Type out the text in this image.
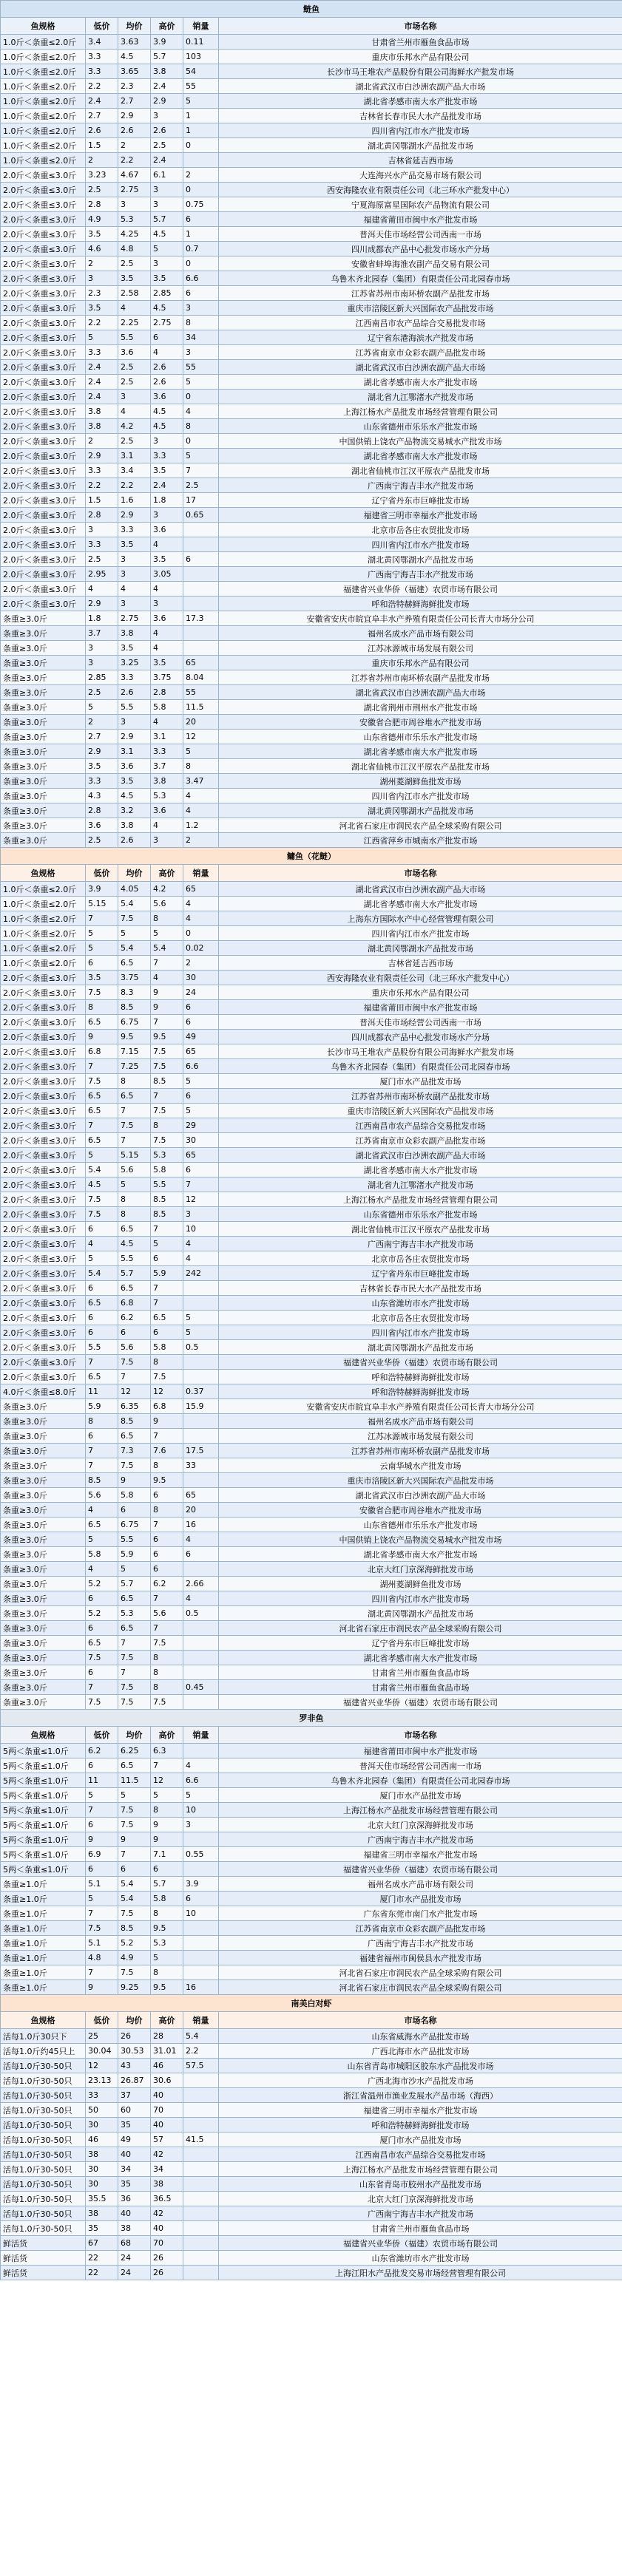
鲢鱼					
鱼规格	低价	均价	高价	销量	市场名称
1.0斤＜条重≤2.0斤	3.4	3.63	3.9	0.11	甘肃省兰州市雁鱼食品市场
1.0斤＜条重≤2.0斤	3.3	4.5	5.7	103	重庆市乐邦水产品有限公司
1.0斤＜条重≤2.0斤	3.3	3.65	3.8	54	长沙市马王堆农产品股份有限公司海鲜水产批发市场
1.0斤＜条重≤2.0斤	2.2	2.3	2.4	55	湖北省武汉市白沙洲农副产品大市场
1.0斤＜条重≤2.0斤	2.4	2.7	2.9	5	湖北省孝感市南大水产批发市场
1.0斤＜条重≤2.0斤	2.7	2.9	3	1	吉林省长春市民大水产品批发市场
1.0斤＜条重≤2.0斤	2.6	2.6	2.6	1	四川省内江市水产批发市场
1.0斤＜条重≤2.0斤	1.5	2	2.5	0	湖北黄冈鄂湖水产品批发市场
1.0斤＜条重≤2.0斤	2	2.2	2.4		吉林省延吉西市场
2.0斤＜条重≤3.0斤	3.23	4.67	6.1	2	大连海兴水产品交易市场有限公司
2.0斤＜条重≤3.0斤	2.5	2.75	3	0	西安海隆农业有限责任公司（北三环水产批发中心）
2.0斤＜条重≤3.0斤	2.8	3	3	0.75	宁夏海原富星国际农产品物流有限公司
2.0斤＜条重≤3.0斤	4.9	5.3	5.7	6	福建省莆田市闽中水产批发市场
2.0斤＜条重≤3.0斤	3.5	4.25	4.5	1	普洱天佳市场经营公司西南一市场
2.0斤＜条重≤3.0斤	4.6	4.8	5	0.7	四川成都农产品中心批发市场水产分场
2.0斤＜条重≤3.0斤	2	2.5	3	0	安徽省蚌埠海淮农副产品交易有限公司
2.0斤＜条重≤3.0斤	3	3.5	3.5	6.6	乌鲁木齐北园春（集团）有限责任公司北园春市场
2.0斤＜条重≤3.0斤	2.3	2.58	2.85	6	江苏省苏州市南环桥农副产品批发市场
2.0斤＜条重≤3.0斤	3.5	4	4.5	3	重庆市涪陵区新大兴国际农产品批发市场
2.0斤＜条重≤3.0斤	2.2	2.25	2.75	8	江西南昌市农产品综合交易批发市场
2.0斤＜条重≤3.0斤	5	5.5	6	34	辽宁省东港海滨水产批发市场
2.0斤＜条重≤3.0斤	3.3	3.6	4	3	江苏省南京市众彩农副产品批发市场
2.0斤＜条重≤3.0斤	2.4	2.5	2.6	55	湖北省武汉市白沙洲农副产品大市场
2.0斤＜条重≤3.0斤	2.4	2.5	2.6	5	湖北省孝感市南大水产批发市场
2.0斤＜条重≤3.0斤	2.4	3	3.6	0	湖北省九江鄂渚水产批发市场
2.0斤＜条重≤3.0斤	3.8	4	4.5	4	上海江杨水产品批发市场经营管理有限公司
2.0斤＜条重≤3.0斤	3.8	4.2	4.5	8	山东省德州市乐乐水产批发市场
2.0斤＜条重≤3.0斤	2	2.5	3	0	中国供销上饶农产品物流交易城水产批发市场
2.0斤＜条重≤3.0斤	2.9	3.1	3.3	5	湖北省孝感市南大水产批发市场
2.0斤＜条重≤3.0斤	3.3	3.4	3.5	7	湖北省仙桃市江汉平原农产品批发市场
2.0斤＜条重≤3.0斤	2.2	2.2	2.4	2.5	广西南宁海吉丰水产批发市场
2.0斤＜条重≤3.0斤	1.5	1.6	1.8	17	辽宁省丹东市巨峰批发市场
2.0斤＜条重≤3.0斤	2.8	2.9	3	0.65	福建省三明市幸福水产批发市场
2.0斤＜条重≤3.0斤	3	3.3	3.6		北京市岳各庄农贸批发市场
2.0斤＜条重≤3.0斤	3.3	3.5	4		四川省内江市水产批发市场
2.0斤＜条重≤3.0斤	2.5	3	3.5	6	湖北黄冈鄂湖水产品批发市场
2.0斤＜条重≤3.0斤	2.95	3	3.05		广西南宁海吉丰水产批发市场
2.0斤＜条重≤3.0斤	4	4	4		福建省兴业华侨（福建）农贸市场有限公司
2.0斤＜条重≤3.0斤	2.9	3	3		呼和浩特赫鲜海鲜批发市场
条重≥3.0斤	1.8	2.75	3.6	17.3	安徽省安庆市皖宜阜丰水产养殖有限责任公司长青大市场分公司
条重≥3.0斤	3.7	3.8	4		福州名成水产品市场有限公司
条重≥3.0斤	3	3.5	4		江苏冰源城市场发展有限公司
条重≥3.0斤	3	3.25	3.5	65	重庆市乐邦水产品有限公司
条重≥3.0斤	2.85	3.3	3.75	8.04	江苏省苏州市南环桥农副产品批发市场
条重≥3.0斤	2.5	2.6	2.8	55	湖北省武汉市白沙洲农副产品大市场
条重≥3.0斤	5	5.5	5.8	11.5	湖北省荆州市荆州水产批发市场
条重≥3.0斤	2	3	4	20	安徽省合肥市周谷堆水产批发市场
条重≥3.0斤	2.7	2.9	3.1	12	山东省德州市乐乐水产批发市场
条重≥3.0斤	2.9	3.1	3.3	5	湖北省孝感市南大水产批发市场
条重≥3.0斤	3.5	3.6	3.7	8	湖北省仙桃市江汉平原农产品批发市场
条重≥3.0斤	3.3	3.5	3.8	3.47	湖州菱湖鲜鱼批发市场
条重≥3.0斤	4.3	4.5	5.3	4	四川省内江市水产批发市场
条重≥3.0斤	2.8	3.2	3.6	4	湖北黄冈鄂湖水产品批发市场
条重≥3.0斤	3.6	3.8	4	1.2	河北省石家庄市润民农产品全球采购有限公司
条重≥3.0斤	2.5	2.6	3	2	江西省萍乡市城南水产批发市场
鳙鱼（花鲢）					
鱼规格	低价	均价	高价	销量	市场名称
1.0斤＜条重≤2.0斤	3.9	4.05	4.2	65	湖北省武汉市白沙洲农副产品大市场
1.0斤＜条重≤2.0斤	5.15	5.4	5.6	4	湖北省孝感市南大水产批发市场
1.0斤＜条重≤2.0斤	7	7.5	8	4	上海东方国际水产中心经营管理有限公司
1.0斤＜条重≤2.0斤	5	5	5	0	四川省内江市水产批发市场
1.0斤＜条重≤2.0斤	5	5.4	5.4	0.02	湖北黄冈鄂湖水产品批发市场
1.0斤＜条重≤2.0斤	6	6.5	7	2	吉林省延吉西市场
2.0斤＜条重≤3.0斤	3.5	3.75	4	30	西安海隆农业有限责任公司（北三环水产批发中心）
2.0斤＜条重≤3.0斤	7.5	8.3	9	24	重庆市乐邦水产品有限公司
2.0斤＜条重≤3.0斤	8	8.5	9	6	福建省莆田市闽中水产批发市场
2.0斤＜条重≤3.0斤	6.5	6.75	7	6	普洱天佳市场经营公司西南一市场
2.0斤＜条重≤3.0斤	9	9.5	9.5	49	四川成都农产品中心批发市场水产分场
2.0斤＜条重≤3.0斤	6.8	7.15	7.5	65	长沙市马王堆农产品股份有限公司海鲜水产批发市场
2.0斤＜条重≤3.0斤	7	7.25	7.5	6.6	乌鲁木齐北园春（集团）有限责任公司北园春市场
2.0斤＜条重≤3.0斤	7.5	8	8.5	5	厦门市水产品批发市场
2.0斤＜条重≤3.0斤	6.5	6.5	7	6	江苏省苏州市南环桥农副产品批发市场
2.0斤＜条重≤3.0斤	6.5	7	7.5	5	重庆市涪陵区新大兴国际农产品批发市场
2.0斤＜条重≤3.0斤	7	7.5	8	29	江西南昌市农产品综合交易批发市场
2.0斤＜条重≤3.0斤	6.5	7	7.5	30	江苏省南京市众彩农副产品批发市场
2.0斤＜条重≤3.0斤	5	5.15	5.3	65	湖北省武汉市白沙洲农副产品大市场
2.0斤＜条重≤3.0斤	5.4	5.6	5.8	6	湖北省孝感市南大水产批发市场
2.0斤＜条重≤3.0斤	4.5	5	5.5	7	湖北省九江鄂渚水产批发市场
2.0斤＜条重≤3.0斤	7.5	8	8.5	12	上海江杨水产品批发市场经营管理有限公司
2.0斤＜条重≤3.0斤	7.5	8	8.5	3	山东省德州市乐乐水产批发市场
2.0斤＜条重≤3.0斤	6	6.5	7	10	湖北省仙桃市江汉平原农产品批发市场
2.0斤＜条重≤3.0斤	4	4.5	5	4	广西南宁海吉丰水产批发市场
2.0斤＜条重≤3.0斤	5	5.5	6	4	北京市岳各庄农贸批发市场
2.0斤＜条重≤3.0斤	5.4	5.7	5.9	242	辽宁省丹东市巨峰批发市场
2.0斤＜条重≤3.0斤	6	6.5	7		吉林省长春市民大水产品批发市场
2.0斤＜条重≤3.0斤	6.5	6.8	7		山东省潍坊市水产批发市场
2.0斤＜条重≤3.0斤	6	6.2	6.5	5	北京市岳各庄农贸批发市场
2.0斤＜条重≤3.0斤	6	6	6	5	四川省内江市水产批发市场
2.0斤＜条重≤3.0斤	5.5	5.6	5.8	0.5	湖北黄冈鄂湖水产品批发市场
2.0斤＜条重≤3.0斤	7	7.5	8		福建省兴业华侨（福建）农贸市场有限公司
2.0斤＜条重≤3.0斤	6.5	7	7.5		呼和浩特赫鲜海鲜批发市场
4.0斤＜条重≤8.0斤	11	12	12	0.37	呼和浩特赫鲜海鲜批发市场
条重≥3.0斤	5.9	6.35	6.8	15.9	安徽省安庆市皖宜阜丰水产养殖有限责任公司长青大市场分公司
条重≥3.0斤	8	8.5	9		福州名成水产品市场有限公司
条重≥3.0斤	6	6.5	7		江苏冰源城市场发展有限公司
条重≥3.0斤	7	7.3	7.6	17.5	江苏省苏州市南环桥农副产品批发市场
条重≥3.0斤	7	7.5	8	33	云南华城水产批发市场
条重≥3.0斤	8.5	9	9.5		重庆市涪陵区新大兴国际农产品批发市场
条重≥3.0斤	5.6	5.8	6	65	湖北省武汉市白沙洲农副产品大市场
条重≥3.0斤	4	6	8	20	安徽省合肥市周谷堆水产批发市场
条重≥3.0斤	6.5	6.75	7	16	山东省德州市乐乐水产批发市场
条重≥3.0斤	5	5.5	6	4	中国供销上饶农产品物流交易城水产批发市场
条重≥3.0斤	5.8	5.9	6	6	湖北省孝感市南大水产批发市场
条重≥3.0斤	4	5	6		北京大红门京深海鲜批发市场
条重≥3.0斤	5.2	5.7	6.2	2.66	湖州菱湖鲜鱼批发市场
条重≥3.0斤	6	6.5	7	4	四川省内江市水产批发市场
条重≥3.0斤	5.2	5.3	5.6	0.5	湖北黄冈鄂湖水产品批发市场
条重≥3.0斤	6	6.5	7		河北省石家庄市润民农产品全球采购有限公司
条重≥3.0斤	6.5	7	7.5		辽宁省丹东市巨峰批发市场
条重≥3.0斤	7.5	7.5	8		湖北省孝感市南大水产批发市场
条重≥3.0斤	6	7	8		甘肃省兰州市雁鱼食品市场
条重≥3.0斤	7	7.5	8	0.45	甘肃省兰州市雁鱼食品市场
条重≥3.0斤	7.5	7.5	7.5		福建省兴业华侨（福建）农贸市场有限公司
罗非鱼					
鱼规格	低价	均价	高价	销量	市场名称
5两＜条重≤1.0斤	6.2	6.25	6.3		福建省莆田市闽中水产批发市场
5两＜条重≤1.0斤	6	6.5	7	4	普洱天佳市场经营公司西南一市场
5两＜条重≤1.0斤	11	11.5	12	6.6	乌鲁木齐北园春（集团）有限责任公司北园春市场
5两＜条重≤1.0斤	5	5	5	5	厦门市水产品批发市场
5两＜条重≤1.0斤	7	7.5	8	10	上海江杨水产品批发市场经营管理有限公司
5两＜条重≤1.0斤	6	7.5	9	3	北京大红门京深海鲜批发市场
5两＜条重≤1.0斤	9	9	9		广西南宁海吉丰水产批发市场
5两＜条重≤1.0斤	6.9	7	7.1	0.55	福建省三明市幸福水产批发市场
5两＜条重≤1.0斤	6	6	6		福建省兴业华侨（福建）农贸市场有限公司
条重≥1.0斤	5.1	5.4	5.7	3.9	福州名成水产品市场有限公司
条重≥1.0斤	5	5.4	5.8	6	厦门市水产品批发市场
条重≥1.0斤	7	7.5	8	10	广东省东莞市南门水产批发市场
条重≥1.0斤	7.5	8.5	9.5		江苏省南京市众彩农副产品批发市场
条重≥1.0斤	5.1	5.2	5.3		广西南宁海吉丰水产批发市场
条重≥1.0斤	4.8	4.9	5		福建省福州市闽侯县水产批发市场
条重≥1.0斤	7	7.5	8		河北省石家庄市润民农产品全球采购有限公司
条重≥1.0斤	9	9.25	9.5	16	河北省石家庄市润民农产品全球采购有限公司
南美白对虾					
鱼规格	低价	均价	高价	销量	市场名称
活每1.0斤30只下	25	26	28	5.4	山东省威海水产品批发市场
活每1.0斤约45只上	30.04	30.53	31.01	2.2	广西北海市水产品批发市场
活每1.0斤30-50只	12	43	46	57.5	山东省青岛市城阳区胶东水产品批发市场
活每1.0斤30-50只	23.13	26.87	30.6		广西北海市沙水产品批发市场
活每1.0斤30-50只	33	37	40		浙江省温州市渔业发展水产品市场（海西）
活每1.0斤30-50只	50	60	70		福建省三明市幸福水产批发市场
活每1.0斤30-50只	30	35	40		呼和浩特赫鲜海鲜批发市场
活每1.0斤30-50只	46	49	57	41.5	厦门市水产品批发市场
活每1.0斤30-50只	38	40	42		江西南昌市农产品综合交易批发市场
活每1.0斤30-50只	30	34	34		上海江杨水产品批发市场经营管理有限公司
活每1.0斤30-50只	30	35	38		山东省青岛市胶州水产品批发市场
活每1.0斤30-50只	35.5	36	36.5		北京大红门京深海鲜批发市场
活每1.0斤30-50只	38	40	42		广西南宁海吉丰水产批发市场
活每1.0斤30-50只	35	38	40		甘肃省兰州市雁鱼食品市场
鲜活货	67	68	70		福建省兴业华侨（福建）农贸市场有限公司
鲜活货	22	24	26		山东省潍坊市水产批发市场
鲜活货	22	24	26		上海江阳水产品批发交易市场经营管理有限公司
